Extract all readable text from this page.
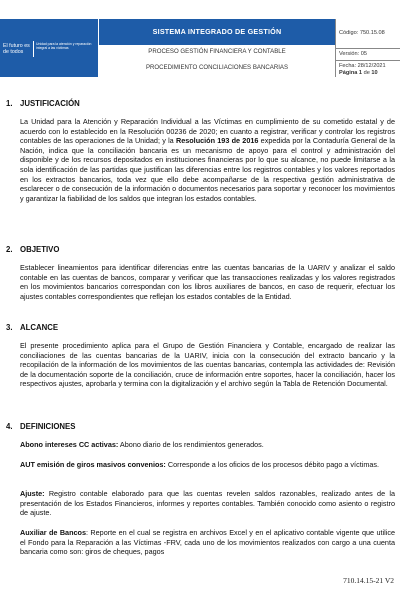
El futuro es de todos
Unidad para la atención y reparación integral a las víctimas
SISTEMA INTEGRADO DE GESTIÓN	Código: 750.15.08
Versión: 05
Fecha: 28/12/2021
Página 1 de 10
PROCESO GESTIÓN FINANCIERA Y CONTABLE
PROCEDIMIENTO CONCILIACIONES BANCARIAS
1. JUSTIFICACIÓN
La Unidad para la Atención y Reparación Individual a las Víctimas en cumplimiento de su cometido estatal y de acuerdo con lo establecido en la Resolución 00236 de 2020; en cuanto a registrar, verificar y controlar los registros contables de las operaciones de la Unidad; y la Resolución 193 de 2016 expedida por la Contaduría General de la Nación, indica que la conciliación bancaria es un mecanismo de apoyo para el control y administración del disponible y de los recursos depositados en instituciones financieras por lo que su alcance, no puede limitarse a la sola identificación de las partidas que justifican las diferencias entre los registros contables y los valores reportados en los extractos bancarios, toda vez que ello debe acompañarse de la respectiva gestión administrativa de esclarecer o de consecución de la información o documentos necesarios para soportar y reconocer los movimientos y garantizar la fiabilidad de los saldos que integran los estados contables.
2. OBJETIVO
Establecer lineamientos para identificar diferencias entre las cuentas bancarias de la UARIV y analizar el saldo contable en las cuentas de bancos, comparar y verificar que las transacciones realizadas y los valores registrados en los movimientos bancarios correspondan con los libros auxiliares de bancos, en caso de requerir, efectuar los ajustes contables correspondientes que reflejan los estados contables de la Entidad.
3. ALCANCE
El presente procedimiento aplica para el Grupo de Gestión Financiera y Contable, encargado de realizar las conciliaciones de las cuentas bancarias de la UARIV, inicia con la consecución del extracto bancario y la recopilación de la información de los movimientos de las cuentas bancarias, contempla las actividades de: Revisión de la documentación soporte de la conciliación, cruce de información entre soportes, hacer la conciliación, hacer los respectivos ajustes, aprobarla y termina con la digitalización y el archivo según la Tabla de Retención Documental.
4. DEFINICIONES
Abono intereses CC activas: Abono diario de los rendimientos generados.
AUT emisión de giros masivos convenios: Corresponde a los oficios de los procesos débito pago a víctimas.
Ajuste: Registro contable elaborado para que las cuentas revelen saldos razonables, realizado antes de la presentación de los Estados Financieros, informes y reportes contables. También conocido como asiento o registro de ajuste.
Auxiliar de Bancos: Reporte en el cual se registra en archivos Excel y en el aplicativo contable vigente que utilice el Fondo para la Reparación a las Víctimas -FRV, cada uno de los movimientos realizados con cargo a una cuenta bancaria como son: giros de cheques, pagos
710.14.15-21 V2
